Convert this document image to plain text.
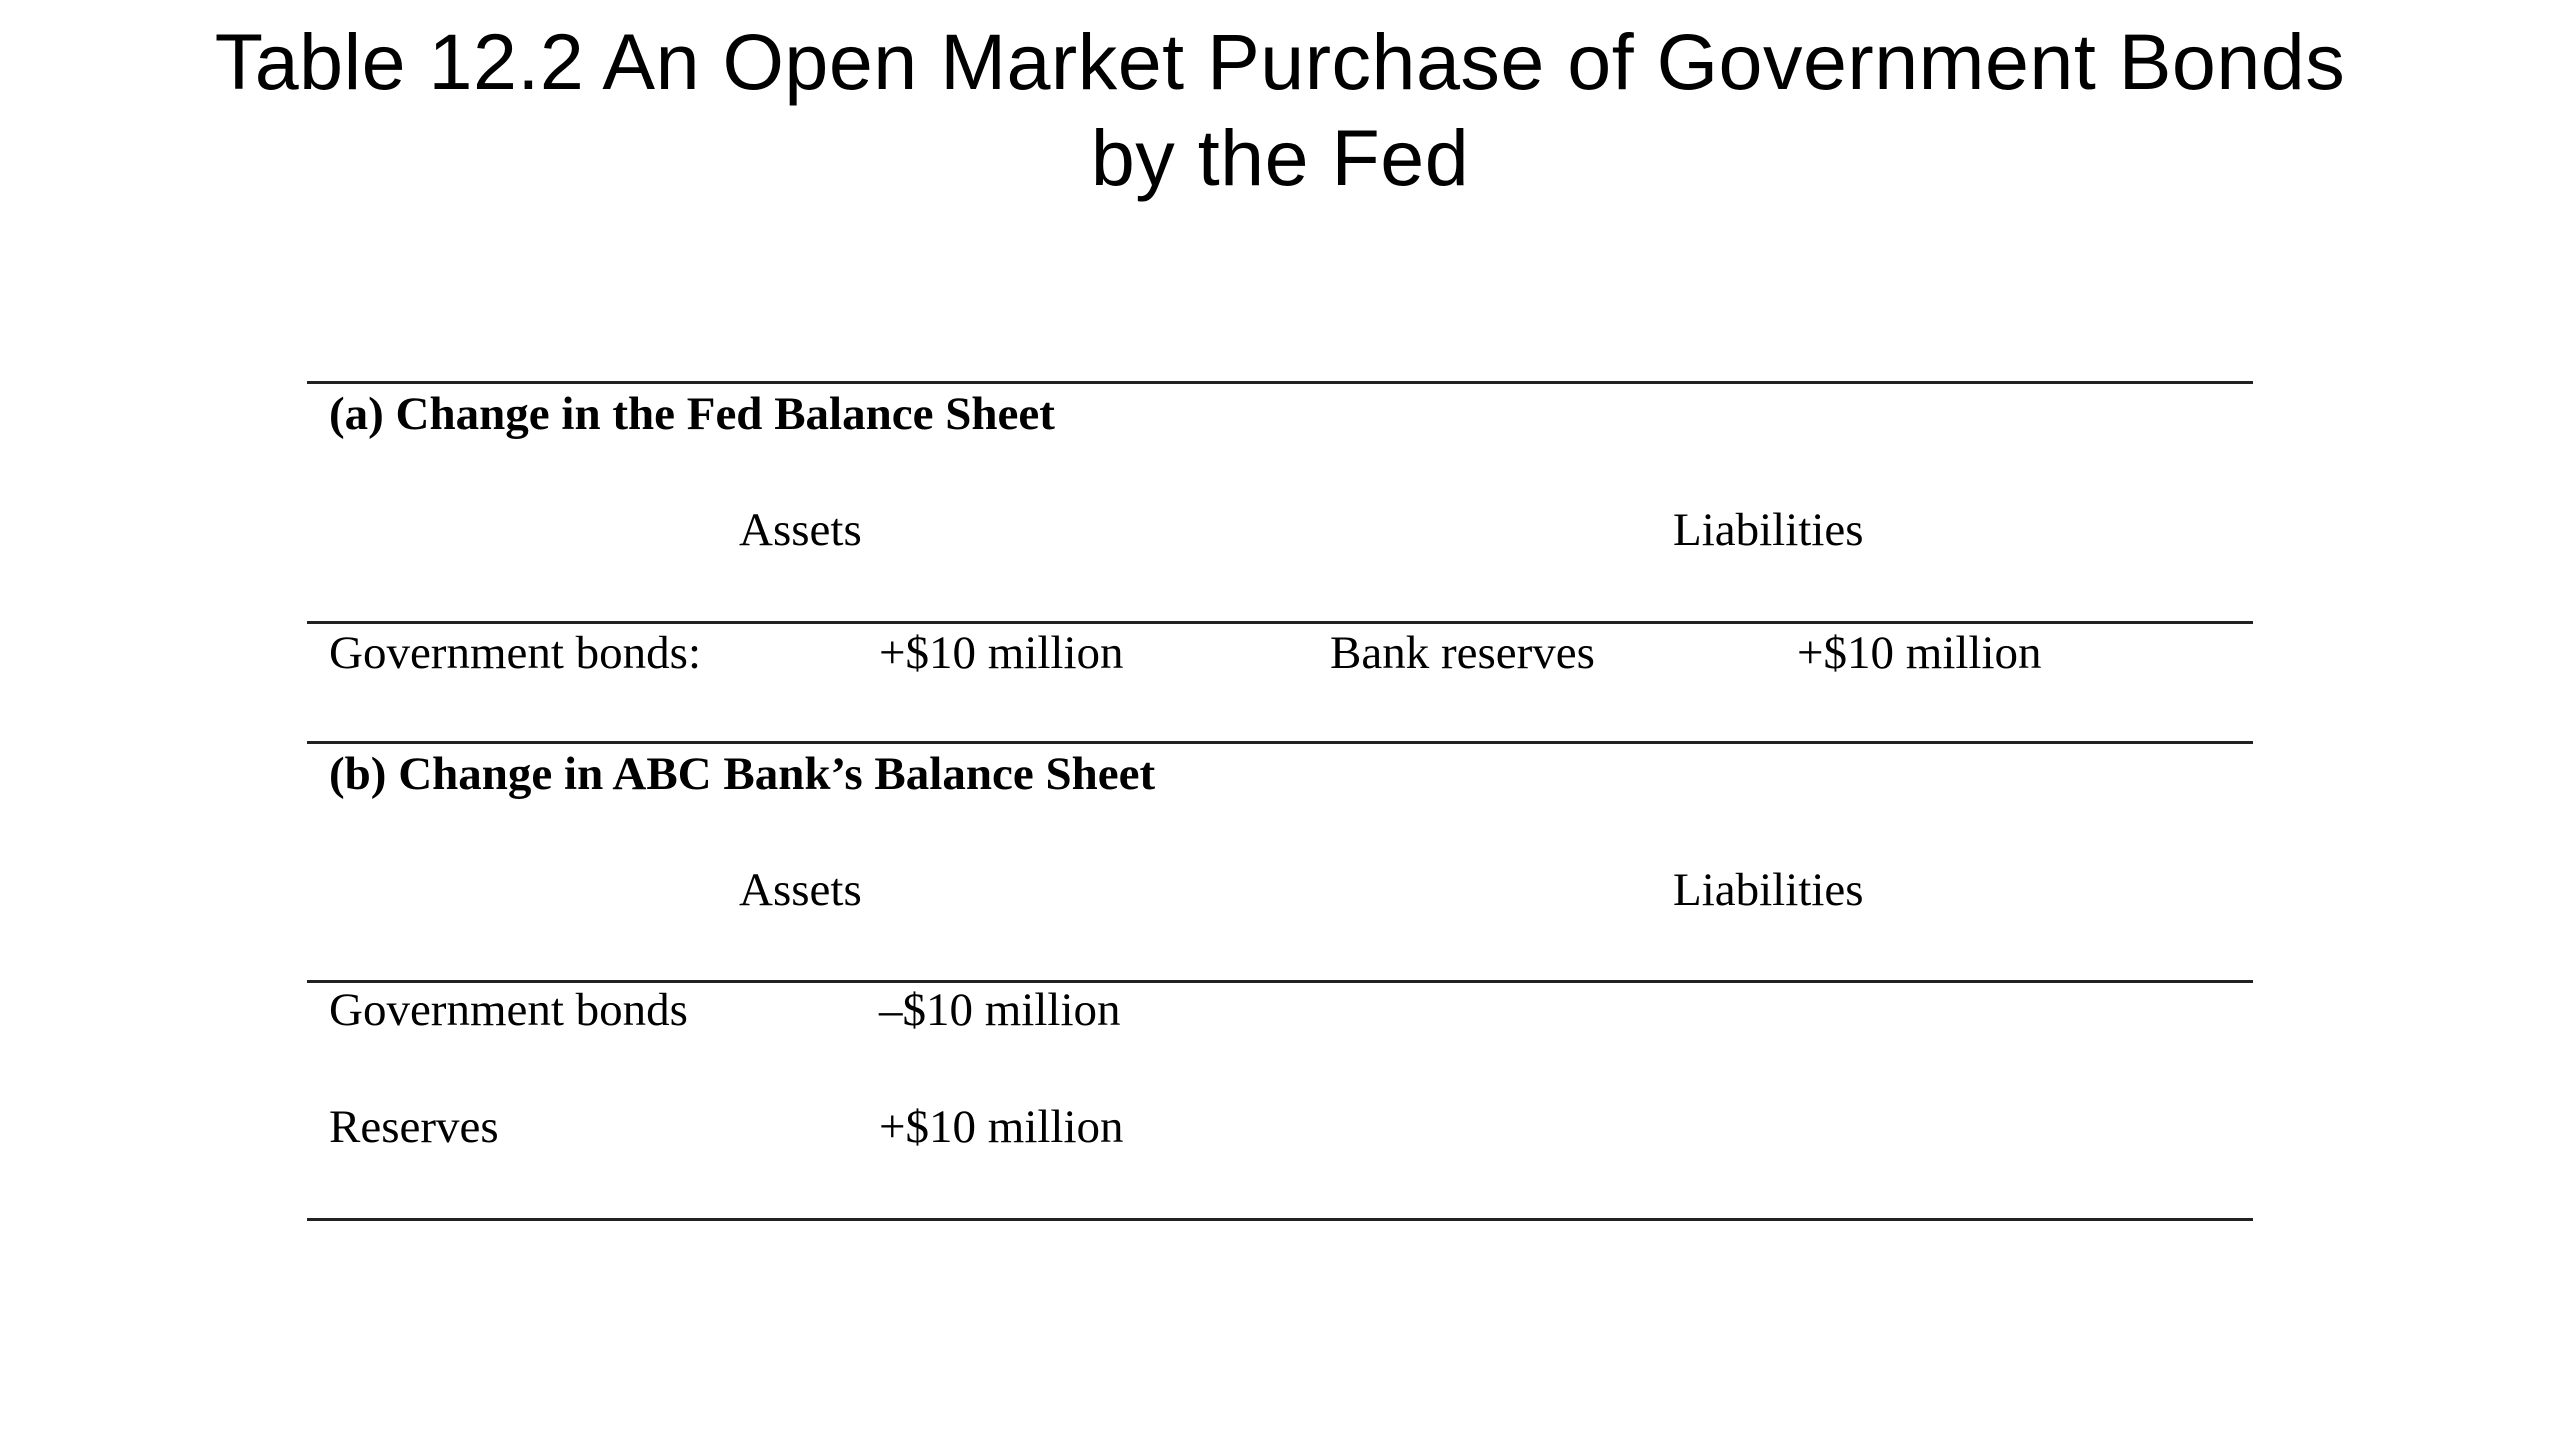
Table 12.2 An Open Market Purchase of Government Bonds
by the Fed
(a) Change in the Fed Balance Sheet
Assets	Liabilities
Government bonds:	+$10 million	Bank reserves	+$10 million
(b) Change in ABC Bank’s Balance Sheet
Assets	Liabilities
Government bonds	–$10 million
Reserves	+$10 million
